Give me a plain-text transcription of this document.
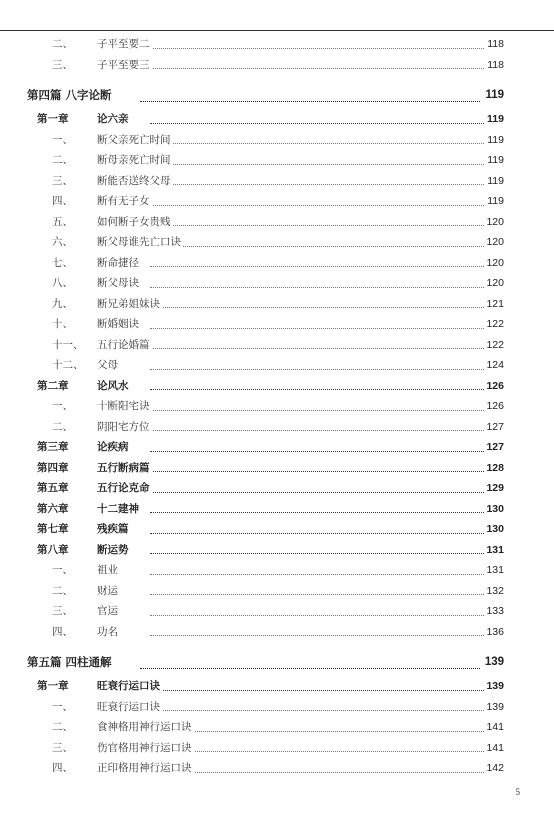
二、 子平至要二	118
三、 子平至要三	118
第四篇 八字论断	119
第一章	论六亲	119
一、 断父亲死亡时间	119
二、 断母亲死亡时间	119
三、 断能否送终父母	119
四、 断有无子女	119
五、 如何断子女贵贱	120
六、 断父母谁先亡口诀	120
七、 断命捷径	120
八、 断父母诀	120
九、 断兄弟姐妹诀	121
十、 断婚姻诀	122
十一、 五行论婚篇	122
十二、 父母	124
第二章	论风水	126
一、 十断阳宅诀	126
二、 阴阳宅方位	127
第三章	论疾病	127
第四章	五行断病篇	128
第五章	五行论克命	129
第六章	十二建神	130
第七章	残疾篇	130
第八章	断运势	131
一、 祖业	131
二、 财运	132
三、 官运	133
四、 功名	136
第五篇 四柱通解	139
第一章	旺衰行运口诀	139
一、 旺衰行运口诀	139
二、 食神格用神行运口诀	141
三、 伤官格用神行运口诀	141
四、 正印格用神行运口诀	142
5
